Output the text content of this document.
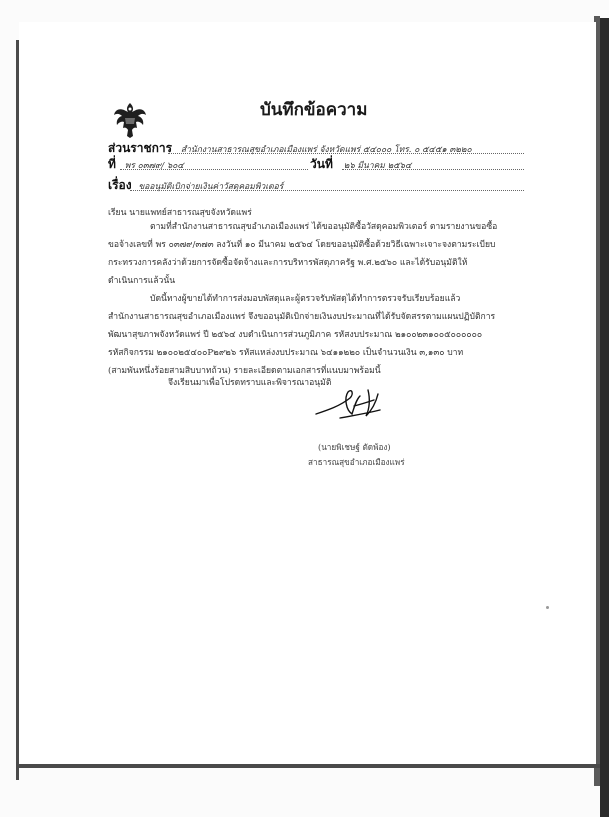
บันทึกข้อความ
ส่วนราชการ สำนักงานสาธารณสุขอำเภอเมืองแพร่ จังหวัดแพร่ ๕๔๐๐๐ โทร. ๐ ๕๔๕๑ ๓๒๒๐
ที่ พร ๐๓๗๙/ ๖๐๔	วันที่ ๒๖ มีนาคม ๒๕๖๔
เรื่อง ขออนุมัติเบิกจ่ายเงินค่าวัสดุคอมพิวเตอร์
เรียน นายแพทย์สาธารณสุขจังหวัดแพร่
ตามที่สำนักงานสาธารณสุขอำเภอเมืองแพร่ ได้ขออนุมัติซื้อวัสดุคอมพิวเตอร์ ตามรายงานขอซื้อ
ขอจ้างเลขที่ พร ๐๓๗๙/๓๗๓ ลงวันที่ ๑๐ มีนาคม ๒๕๖๔ โดยขออนุมัติซื้อด้วยวิธีเฉพาะเจาะจงตามระเบียบ
กระทรวงการคลังว่าด้วยการจัดซื้อจัดจ้างและการบริหารพัสดุภาครัฐ พ.ศ.๒๕๖๐ และได้รับอนุมัติให้
ดำเนินการแล้วนั้น
บัดนี้ทางผู้ขายได้ทำการส่งมอบพัสดุและผู้ตรวจรับพัสดุได้ทำการตรวจรับเรียบร้อยแล้ว
สำนักงานสาธารณสุขอำเภอเมืองแพร่ จึงขออนุมัติเบิกจ่ายเงินงบประมาณที่ได้รับจัดสรรตามแผนปฏิบัติการ
พัฒนาสุขภาพจังหวัดแพร่ ปี ๒๕๖๔ งบดำเนินการส่วนภูมิภาค รหัสงบประมาณ ๒๑๐๐๒๓๑๐๐๕๐๐๐๐๐๐
รหัสกิจกรรม ๒๑๐๐๒๕๔๐๐P๒๙๒๖ รหัสแหล่งงบประมาณ ๖๔๑๑๒๒๐ เป็นจำนวนเงิน ๓,๑๓๐ บาท
(สามพันหนึ่งร้อยสามสิบบาทถ้วน) รายละเอียดตามเอกสารที่แนบมาพร้อมนี้
จึงเรียนมาเพื่อโปรดทราบและพิจารณาอนุมัติ
(นายพิเชษฐ์ ตัดพ้อง)
สาธารณสุขอำเภอเมืองแพร่
